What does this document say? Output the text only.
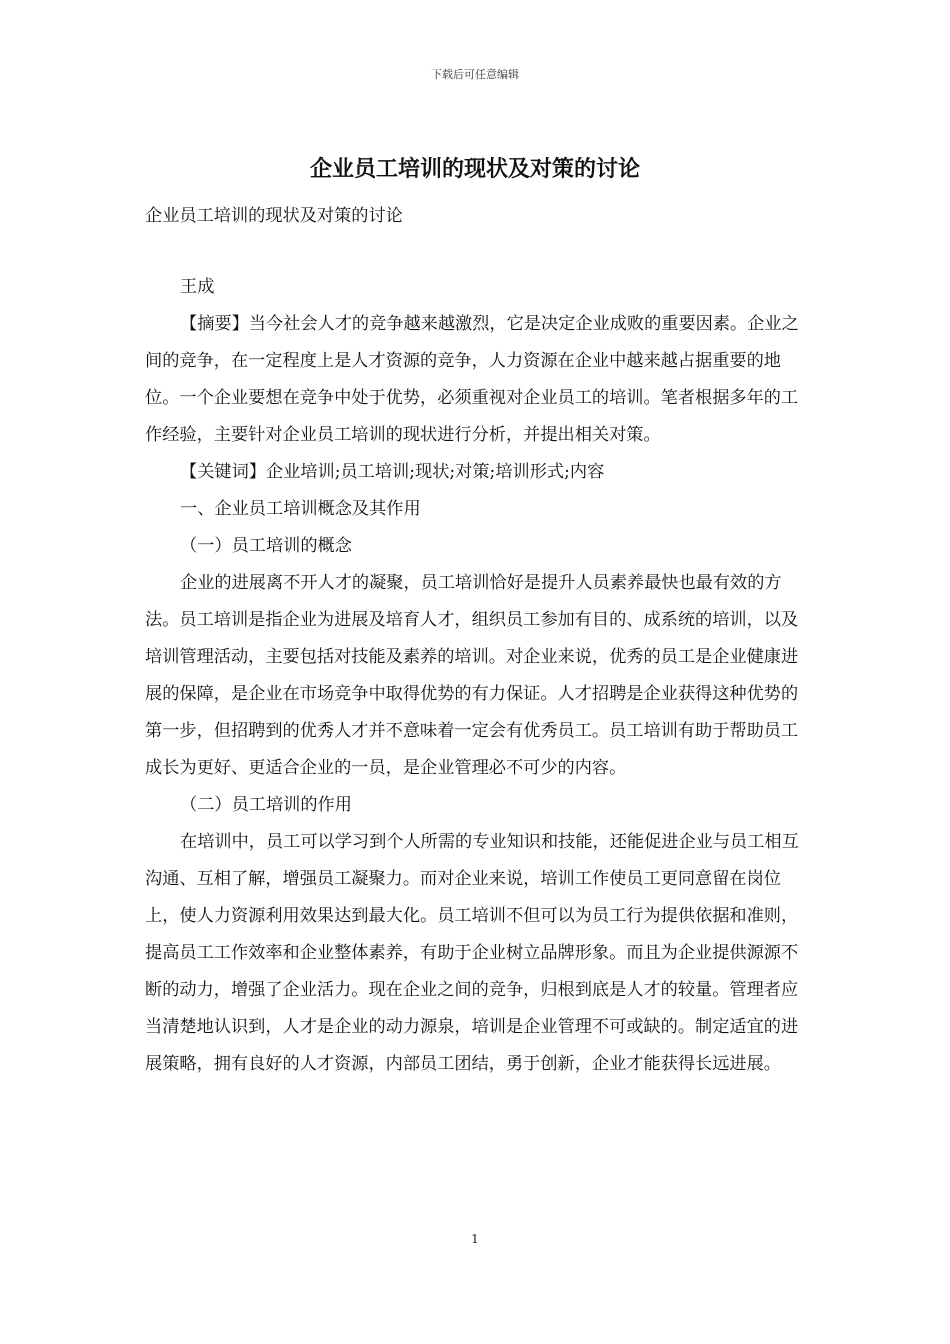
下载后可任意编辑
企业员工培训的现状及对策的讨论

企业员工培训的现状及对策的讨论

王成

【摘要】当今社会人才的竞争越来越激烈，它是决定企业成败的重要因素。企业之间的竞争，在一定程度上是人才资源的竞争，人力资源在企业中越来越占据重要的地位。一个企业要想在竞争中处于优势，必须重视对企业员工的培训。笔者根据多年的工作经验，主要针对企业员工培训的现状进行分析，并提出相关对策。

【关键词】企业培训;员工培训;现状;对策;培训形式;内容

一、企业员工培训概念及其作用

（一）员工培训的概念

企业的进展离不开人才的凝聚，员工培训恰好是提升人员素养最快也最有效的方法。员工培训是指企业为进展及培育人才，组织员工参加有目的、成系统的培训，以及培训管理活动，主要包括对技能及素养的培训。对企业来说，优秀的员工是企业健康进展的保障，是企业在市场竞争中取得优势的有力保证。人才招聘是企业获得这种优势的第一步，但招聘到的优秀人才并不意味着一定会有优秀员工。员工培训有助于帮助员工成长为更好、更适合企业的一员，是企业管理必不可少的内容。

（二）员工培训的作用

在培训中，员工可以学习到个人所需的专业知识和技能，还能促进企业与员工相互沟通、互相了解，增强员工凝聚力。而对企业来说，培训工作使员工更同意留在岗位上，使人力资源利用效果达到最大化。员工培训不但可以为员工行为提供依据和准则，提高员工工作效率和企业整体素养，有助于企业树立品牌形象。而且为企业提供源源不断的动力，增强了企业活力。现在企业之间的竞争，归根到底是人才的较量。管理者应当清楚地认识到，人才是企业的动力源泉，培训是企业管理不可或缺的。制定适宜的进展策略，拥有良好的人才资源，内部员工团结，勇于创新，企业才能获得长远进展。

1
